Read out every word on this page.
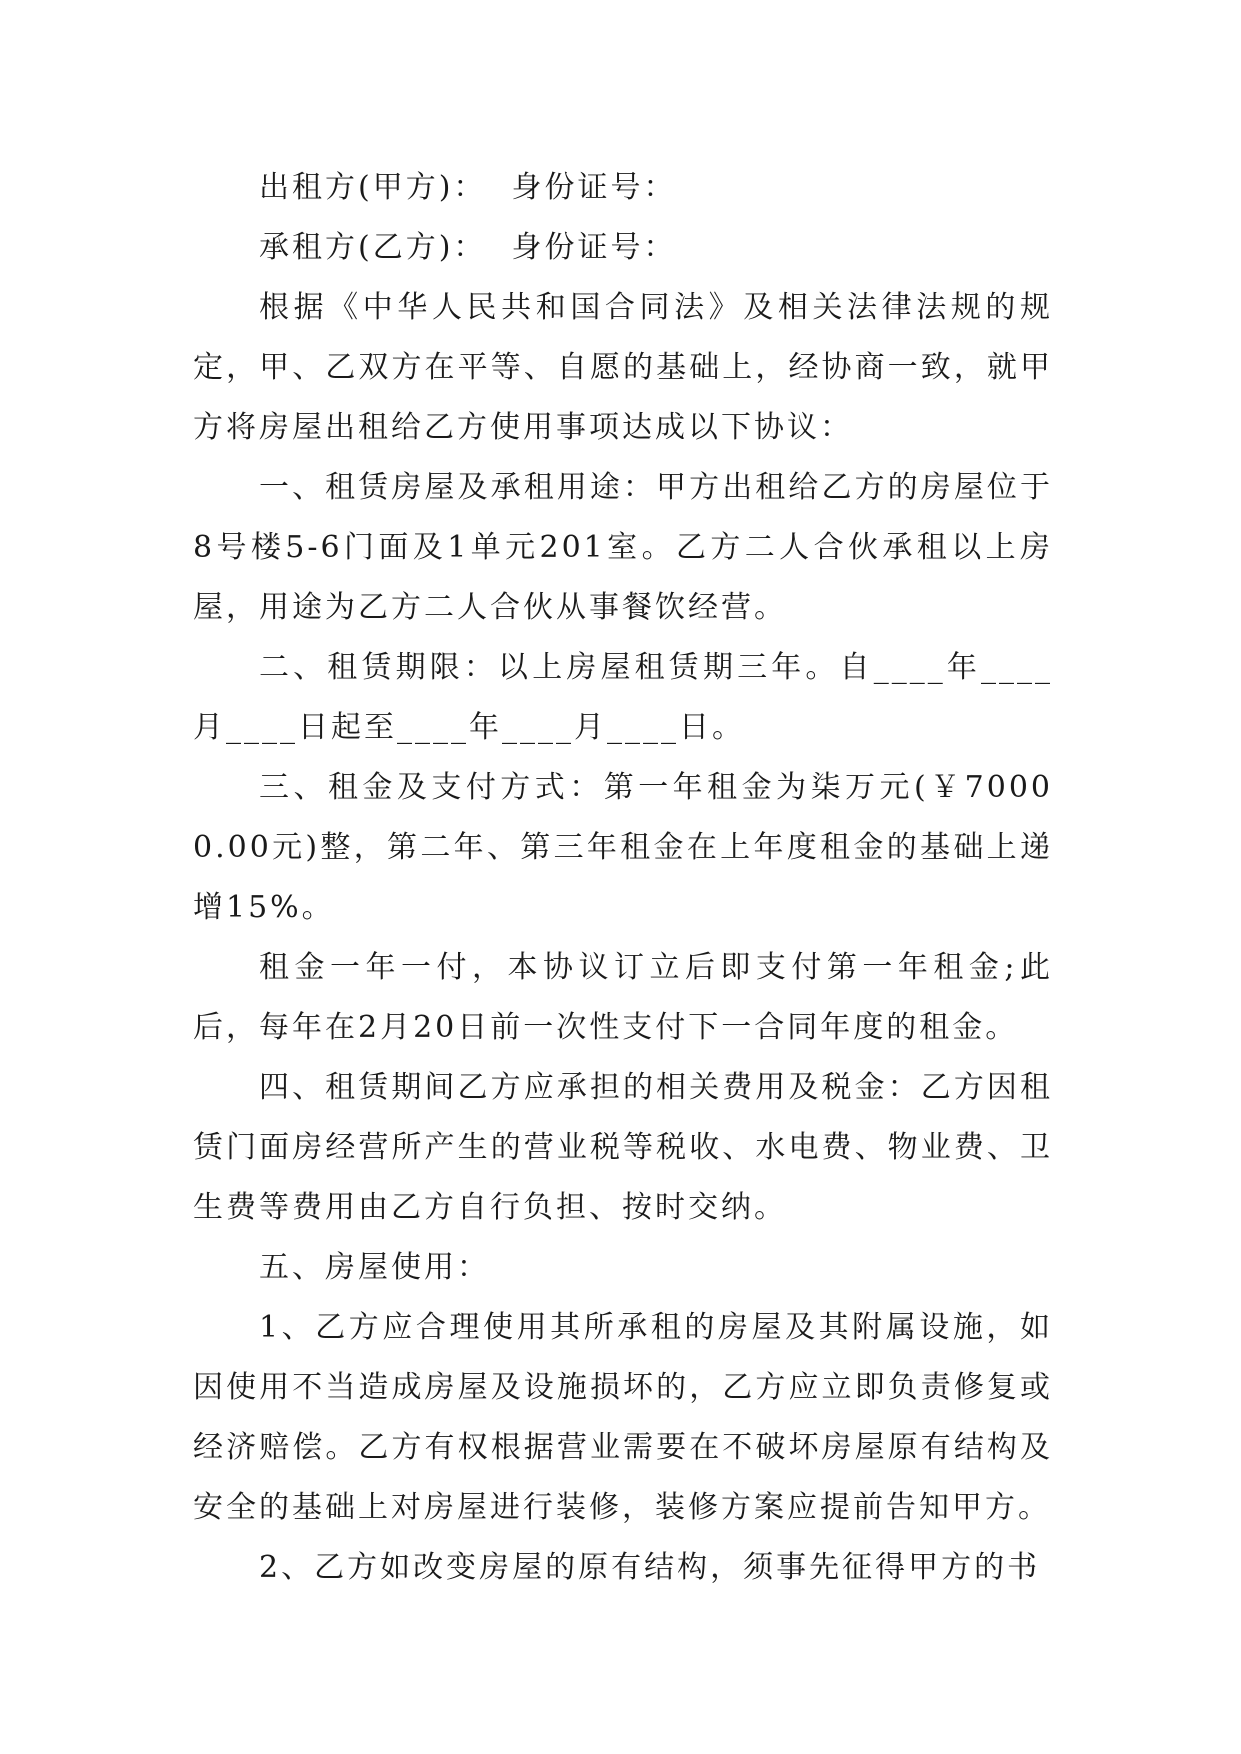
出租方(甲方)：  身份证号：

承租方(乙方)：  身份证号：

根据《中华人民共和国合同法》及相关法律法规的规定，甲、乙双方在平等、自愿的基础上，经协商一致，就甲方将房屋出租给乙方使用事项达成以下协议：

一、租赁房屋及承租用途：甲方出租给乙方的房屋位于8号楼5-6门面及1单元201室。乙方二人合伙承租以上房屋，用途为乙方二人合伙从事餐饮经营。

二、租赁期限：以上房屋租赁期三年。自____年____月____日起至____年____月____日。

三、租金及支付方式：第一年租金为柒万元(￥70000.00元)整，第二年、第三年租金在上年度租金的基础上递增15%。

租金一年一付，本协议订立后即支付第一年租金;此后，每年在2月20日前一次性支付下一合同年度的租金。

四、租赁期间乙方应承担的相关费用及税金：乙方因租赁门面房经营所产生的营业税等税收、水电费、物业费、卫生费等费用由乙方自行负担、按时交纳。

五、房屋使用：

1、乙方应合理使用其所承租的房屋及其附属设施，如因使用不当造成房屋及设施损坏的，乙方应立即负责修复或经济赔偿。乙方有权根据营业需要在不破坏房屋原有结构及安全的基础上对房屋进行装修，装修方案应提前告知甲方。

2、乙方如改变房屋的原有结构，须事先征得甲方的书
